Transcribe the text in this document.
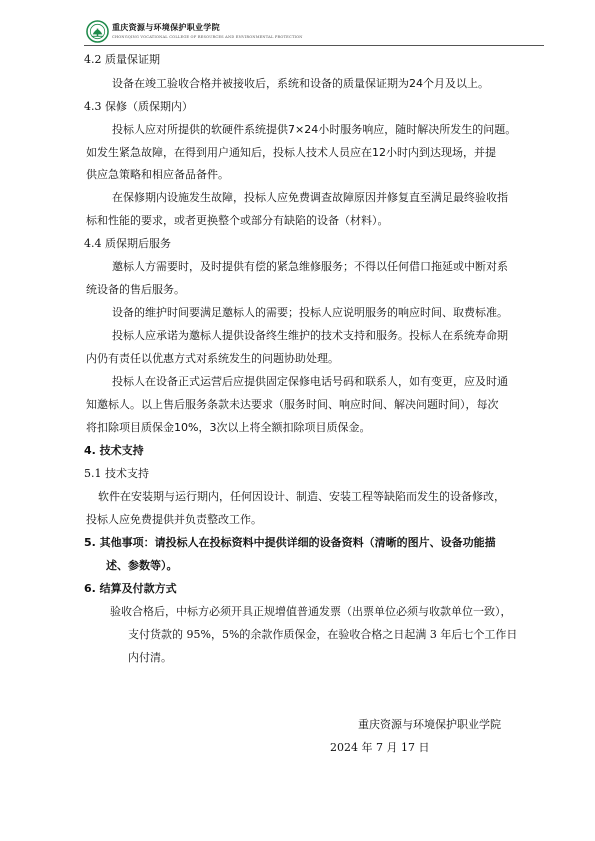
重庆资源与环境保护职业学院
CHONGQING VOCATIONAL COLLEGE OF RESOURCES AND ENVIRONMENTAL PROTECTION
4.2 质量保证期
设备在竣工验收合格并被接收后，系统和设备的质量保证期为24个月及以上。
4.3 保修（质保期内）
投标人应对所提供的软硬件系统提供7×24小时服务响应，随时解决所发生的问题。
如发生紧急故障，在得到用户通知后，投标人技术人员应在12小时内到达现场，并提
供应急策略和相应备品备件。
在保修期内设施发生故障，投标人应免费调查故障原因并修复直至满足最终验收指
标和性能的要求，或者更换整个或部分有缺陷的设备（材料）。
4.4 质保期后服务
邀标人方需要时，及时提供有偿的紧急维修服务；不得以任何借口拖延或中断对系
统设备的售后服务。
设备的维护时间要满足邀标人的需要；投标人应说明服务的响应时间、取费标准。
投标人应承诺为邀标人提供设备终生维护的技术支持和服务。投标人在系统寿命期
内仍有责任以优惠方式对系统发生的问题协助处理。
投标人在设备正式运营后应提供固定保修电话号码和联系人，如有变更，应及时通
知邀标人。以上售后服务条款未达要求（服务时间、响应时间、解决问题时间），每次
将扣除项目质保金10%，3次以上将全额扣除项目质保金。
4. 技术支持
5.1 技术支持
软件在安装期与运行期内，任何因设计、制造、安装工程等缺陷而发生的设备修改，
投标人应免费提供并负责整改工作。
5. 其他事项：请投标人在投标资料中提供详细的设备资料（清晰的图片、设备功能描
述、参数等）。
6. 结算及付款方式
验收合格后，中标方必须开具正规增值普通发票（出票单位必须与收款单位一致），
支付货款的 95%，5%的余款作质保金，在验收合格之日起满 3 年后七个工作日
内付清。
重庆资源与环境保护职业学院
2024 年 7 月 17 日
